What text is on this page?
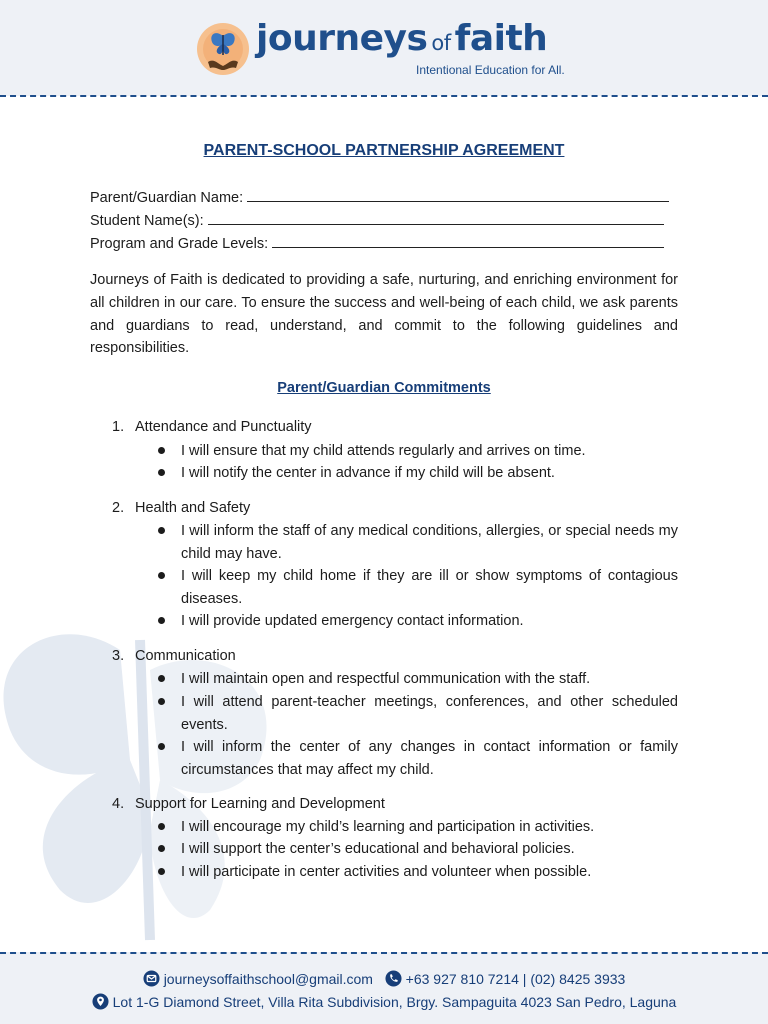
journeys of faith
Intentional Education for All.
PARENT-SCHOOL PARTNERSHIP AGREEMENT
Parent/Guardian Name:
Student Name(s):
Program and Grade Levels:
Journeys of Faith is dedicated to providing a safe, nurturing, and enriching environment for all children in our care. To ensure the success and well-being of each child, we ask parents and guardians to read, understand, and commit to the following guidelines and responsibilities.
Parent/Guardian Commitments
1. Attendance and Punctuality
I will ensure that my child attends regularly and arrives on time.
I will notify the center in advance if my child will be absent.
2. Health and Safety
I will inform the staff of any medical conditions, allergies, or special needs my child may have.
I will keep my child home if they are ill or show symptoms of contagious diseases.
I will provide updated emergency contact information.
3. Communication
I will maintain open and respectful communication with the staff.
I will attend parent-teacher meetings, conferences, and other scheduled events.
I will inform the center of any changes in contact information or family circumstances that may affect my child.
4. Support for Learning and Development
I will encourage my child’s learning and participation in activities.
I will support the center’s educational and behavioral policies.
I will participate in center activities and volunteer when possible.
journeysoffaithschool@gmail.com +63 927 810 7214 | (02) 8425 3933
Lot 1-G Diamond Street, Villa Rita Subdivision, Brgy. Sampaguita 4023 San Pedro, Laguna
